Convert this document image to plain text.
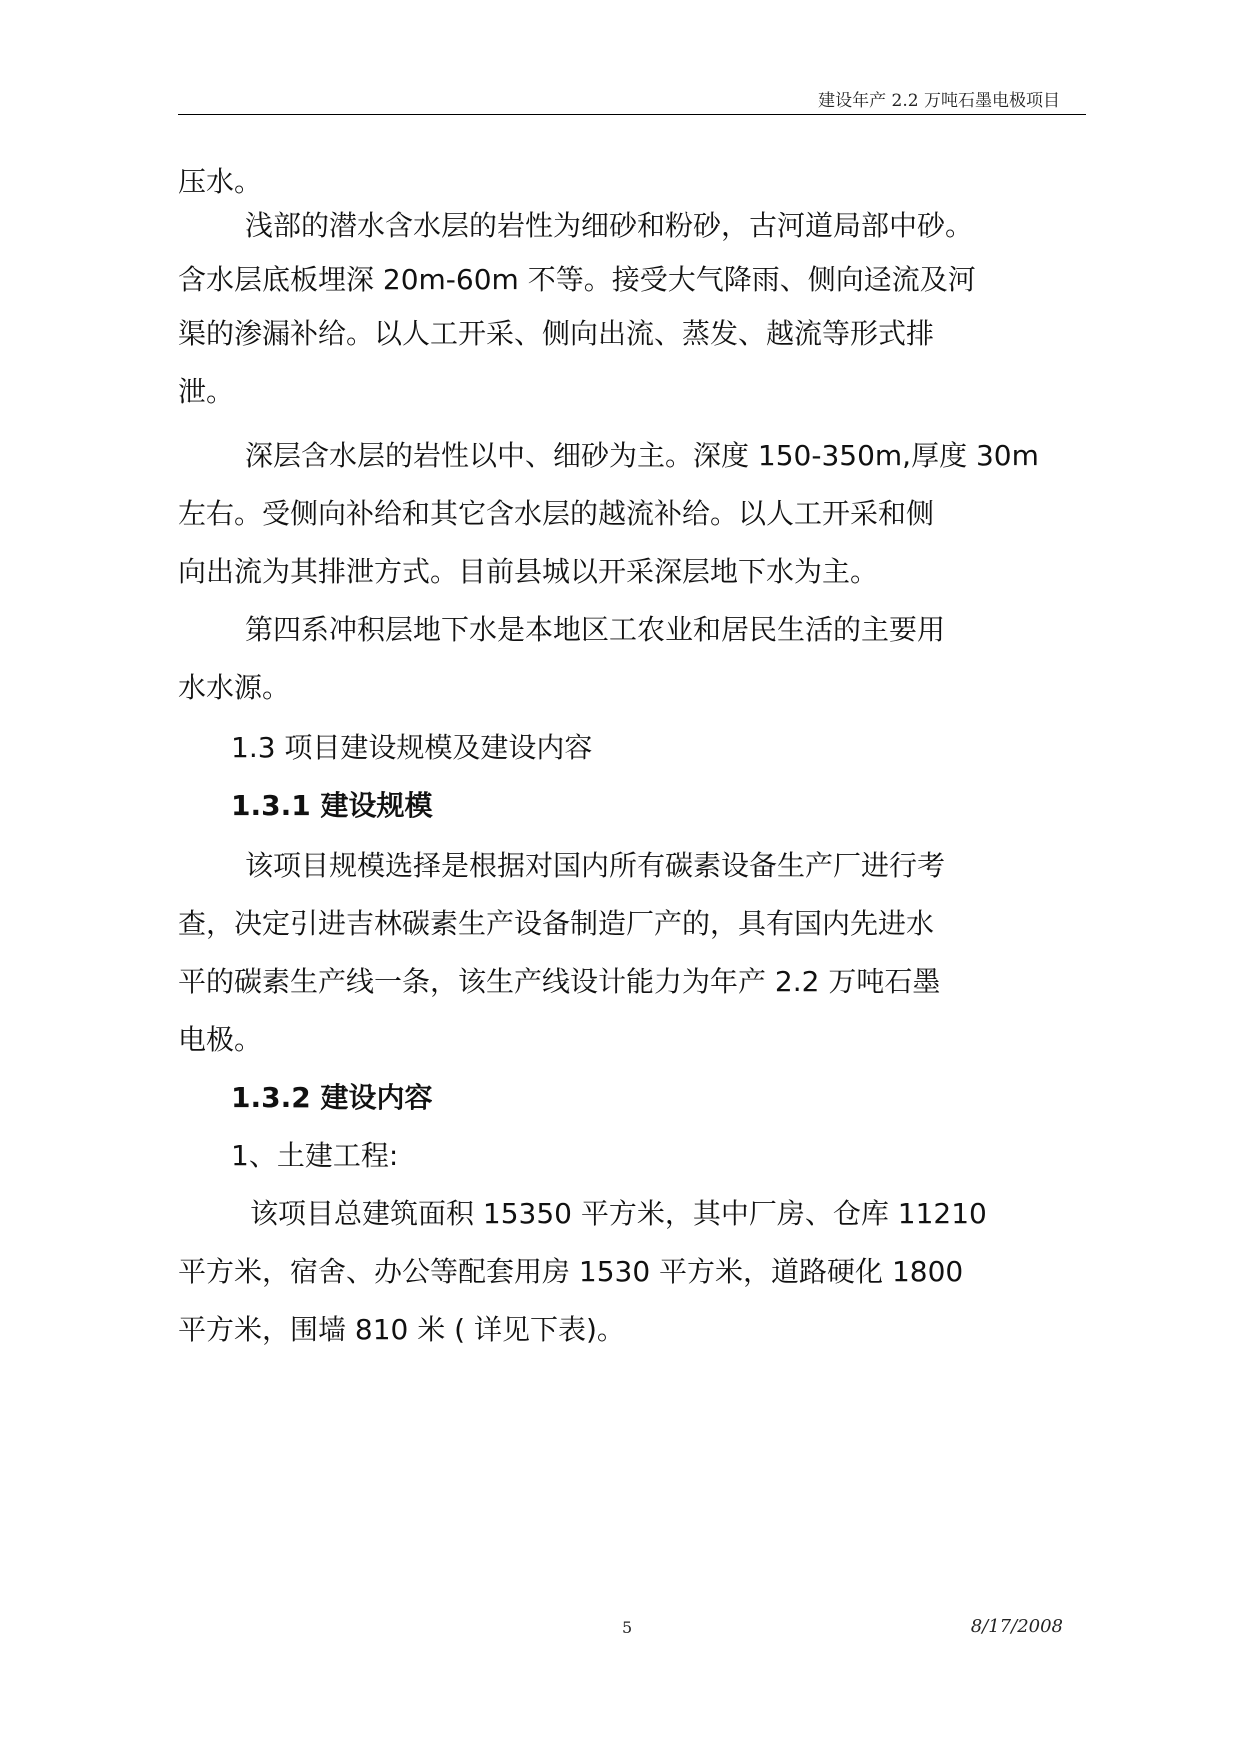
建设年产 2.2 万吨石墨电极项目
压水。
浅部的潜水含水层的岩性为细砂和粉砂，古河道局部中砂。
含水层底板埋深 20m-60m 不等。接受大气降雨、侧向迳流及河
渠的渗漏补给。以人工开采、侧向出流、蒸发、越流等形式排
泄。
深层含水层的岩性以中、细砂为主。深度 150-350m,厚度 30m
左右。受侧向补给和其它含水层的越流补给。以人工开采和侧
向出流为其排泄方式。目前县城以开采深层地下水为主。
第四系冲积层地下水是本地区工农业和居民生活的主要用
水水源。
1.3 项目建设规模及建设内容
1.3.1 建设规模
该项目规模选择是根据对国内所有碳素设备生产厂进行考
查，决定引进吉林碳素生产设备制造厂产的，具有国内先进水
平的碳素生产线一条，该生产线设计能力为年产 2.2 万吨石墨
电极。
1.3.2 建设内容
1、土建工程:
该项目总建筑面积 15350 平方米，其中厂房、仓库 11210
平方米，宿舍、办公等配套用房 1530 平方米，道路硬化 1800
平方米，围墙 810 米 ( 详见下表)。
5	8/17/2008
